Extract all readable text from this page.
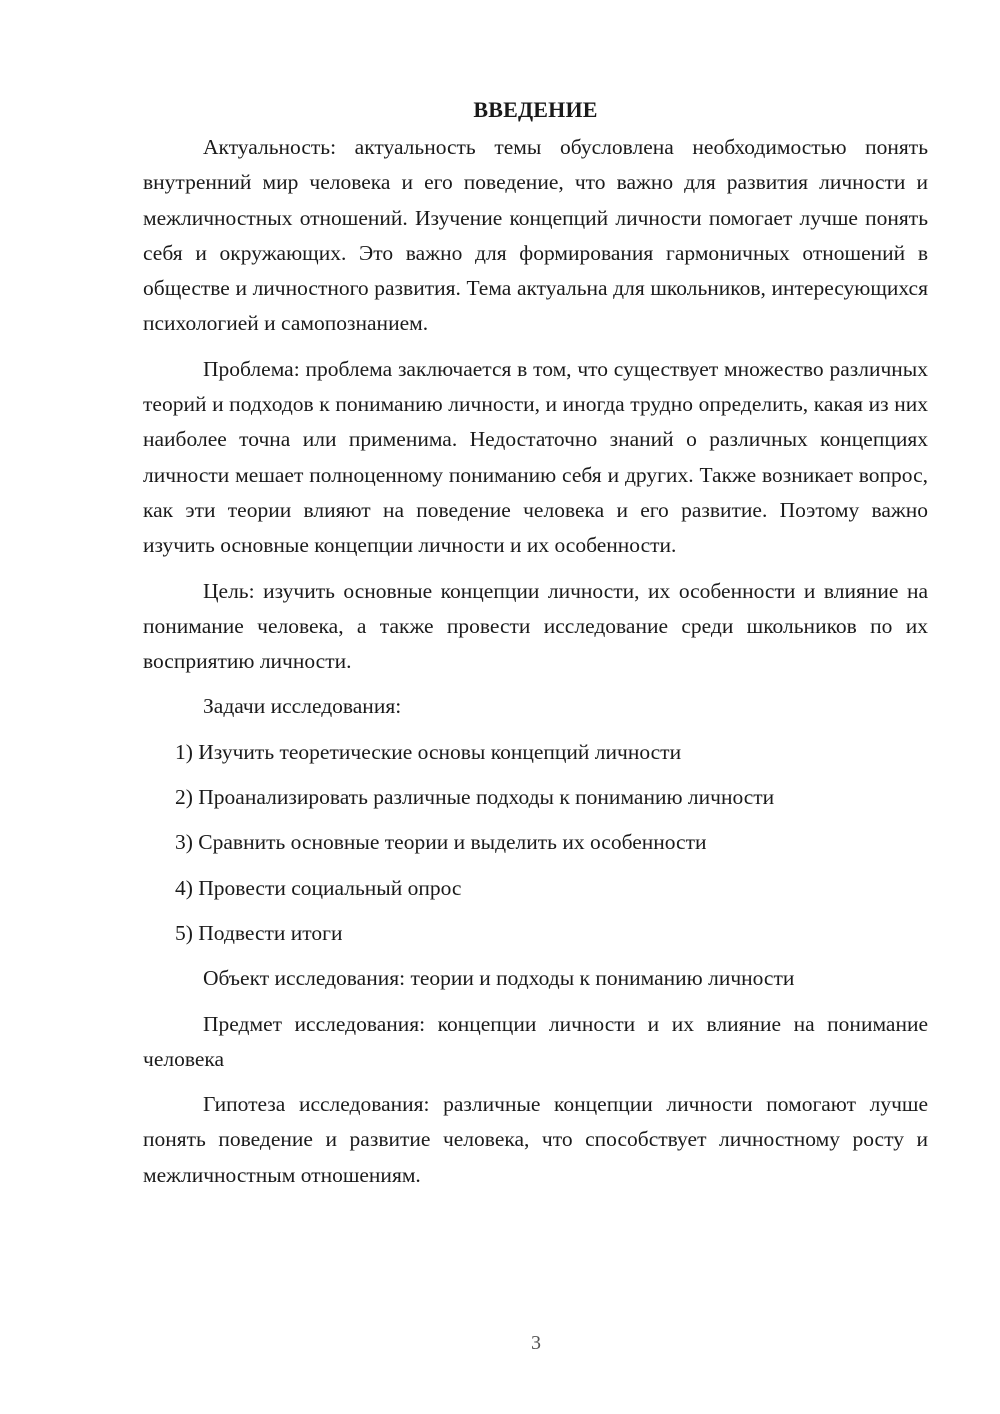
ВВЕДЕНИЕ

Актуальность: актуальность темы обусловлена необходимостью понять внутренний мир человека и его поведение, что важно для развития личности и межличностных отношений. Изучение концепций личности помогает лучше понять себя и окружающих. Это важно для формирования гармоничных отношений в обществе и личностного развития. Тема актуальна для школьников, интересующихся психологией и самопознанием.

Проблема: проблема заключается в том, что существует множество различных теорий и подходов к пониманию личности, и иногда трудно определить, какая из них наиболее точна или применима. Недостаточно знаний о различных концепциях личности мешает полноценному пониманию себя и других. Также возникает вопрос, как эти теории влияют на поведение человека и его развитие. Поэтому важно изучить основные концепции личности и их особенности.

Цель: изучить основные концепции личности, их особенности и влияние на понимание человека, а также провести исследование среди школьников по их восприятию личности.

Задачи исследования:

1) Изучить теоретические основы концепций личности

2) Проанализировать различные подходы к пониманию личности

3) Сравнить основные теории и выделить их особенности

4) Провести социальный опрос

5) Подвести итоги

Объект исследования: теории и подходы к пониманию личности

Предмет исследования: концепции личности и их влияние на понимание человека

Гипотеза исследования: различные концепции личности помогают лучше понять поведение и развитие человека, что способствует личностному росту и межличностным отношениям.

3
